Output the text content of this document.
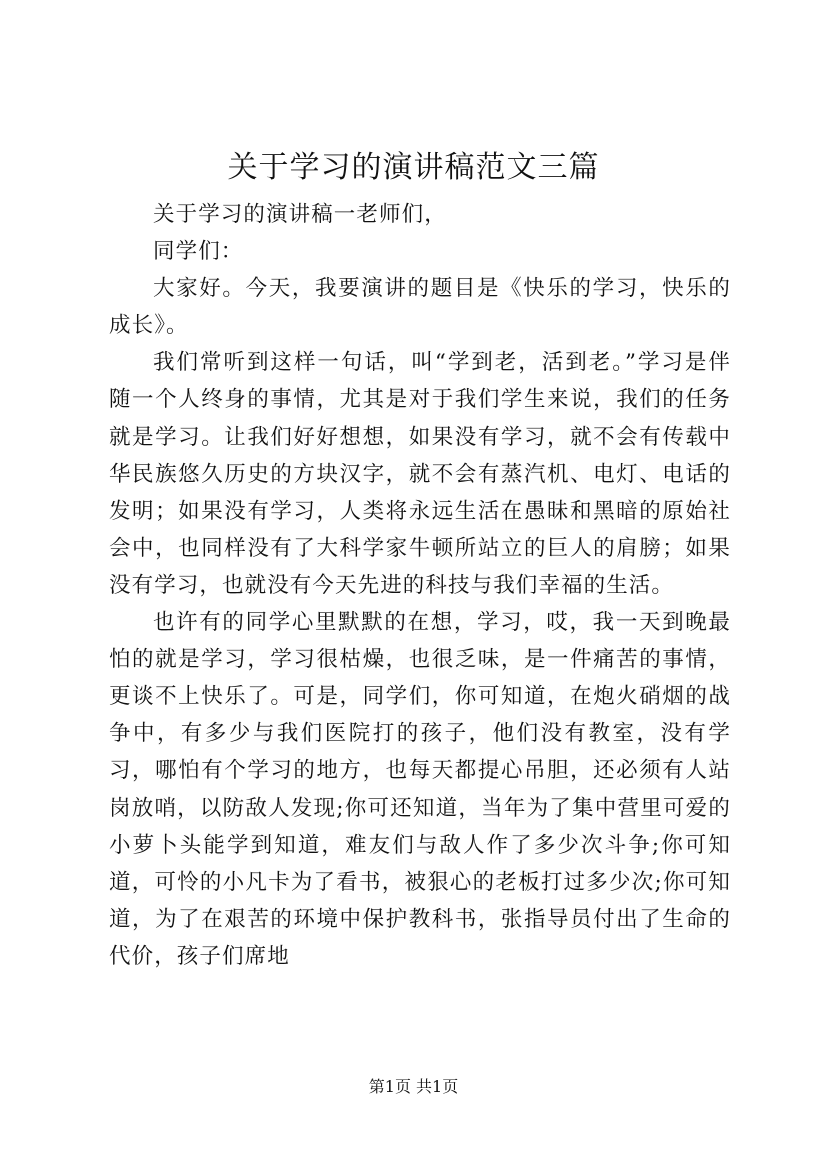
关于学习的演讲稿范文三篇

关于学习的演讲稿一老师们，

同学们：

大家好。今天，我要演讲的题目是《快乐的学习，快乐的成长》。

我们常听到这样一句话，叫“学到老，活到老。”学习是伴随一个人终身的事情，尤其是对于我们学生来说，我们的任务就是学习。让我们好好想想，如果没有学习，就不会有传载中华民族悠久历史的方块汉字，就不会有蒸汽机、电灯、电话的发明；如果没有学习，人类将永远生活在愚昧和黑暗的原始社会中，也同样没有了大科学家牛顿所站立的巨人的肩膀；如果没有学习，也就没有今天先进的科技与我们幸福的生活。

也许有的同学心里默默的在想，学习，哎，我一天到晚最怕的就是学习，学习很枯燥，也很乏味，是一件痛苦的事情，更谈不上快乐了。可是，同学们，你可知道，在炮火硝烟的战争中，有多少与我们医院打的孩子，他们没有教室，没有学习，哪怕有个学习的地方，也每天都提心吊胆，还必须有人站岗放哨，以防敌人发现;你可还知道，当年为了集中营里可爱的小萝卜头能学到知道，难友们与敌人作了多少次斗争;你可知道，可怜的小凡卡为了看书，被狠心的老板打过多少次;你可知道，为了在艰苦的环境中保护教科书，张指导员付出了生命的代价，孩子们席地

第1页 共1页
